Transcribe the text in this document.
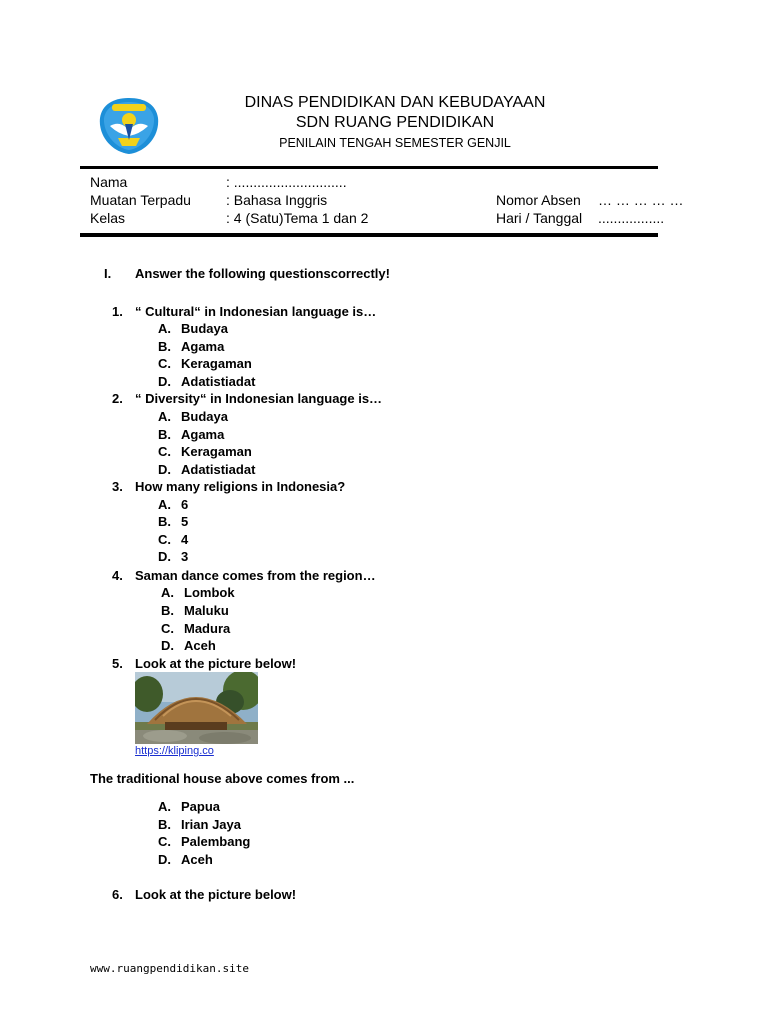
DINAS PENDIDIKAN DAN KEBUDAYAAN
SDN RUANG PENDIDIKAN
PENILAIN TENGAH SEMESTER GENJIL
Nama	: .............................
Muatan Terpadu	: Bahasa Inggris
Kelas	: 4 (Satu)Tema 1 dan 2
Nomor Absen … … … … …
Hari / Tanggal .................
I. Answer the following questionscorrectly!
1. “ Cultural“ in Indonesian language is…
A. Budaya
B. Agama
C. Keragaman
D. Adatistiadat
2. “ Diversity“ in Indonesian language is…
A. Budaya
B. Agama
C. Keragaman
D. Adatistiadat
3. How many religions in Indonesia?
A. 6
B. 5
C. 4
D. 3
4. Saman dance comes from the region…
A. Lombok
B. Maluku
C. Madura
D. Aceh
5. Look at the picture below!
https://kliping.co
The traditional house above comes from ...
A. Papua
B. Irian Jaya
C. Palembang
D. Aceh
6. Look at the picture below!
www.ruangpendidikan.site
